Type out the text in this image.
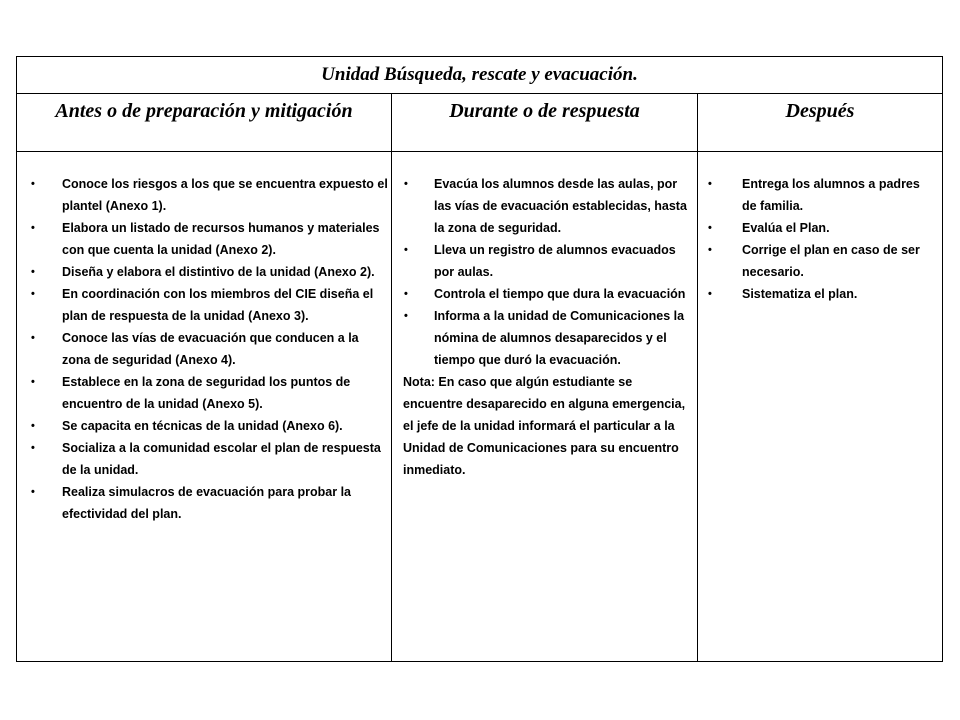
Unidad Búsqueda, rescate y evacuación.
Antes o de preparación y mitigación	Durante o de respuesta	Después
• Conoce los riesgos a los que se encuentra expuesto el plantel (Anexo 1).
• Elabora un listado de recursos humanos y materiales con que cuenta la unidad (Anexo 2).
• Diseña y elabora el distintivo de la unidad (Anexo 2).
• En coordinación con los miembros del CIE diseña el plan de respuesta de la unidad (Anexo 3).
• Conoce las vías de evacuación que conducen a la zona de seguridad (Anexo 4).
• Establece en la zona de seguridad los puntos de encuentro de la unidad (Anexo 5).
• Se capacita en técnicas de la unidad (Anexo 6).
• Socializa a la comunidad escolar el plan de respuesta de la unidad.
• Realiza simulacros de evacuación para probar la efectividad del plan.
• Evacúa los alumnos desde las aulas, por las vías de evacuación establecidas, hasta la zona de seguridad.
• Lleva un registro de alumnos evacuados por aulas.
• Controla el tiempo que dura la evacuación
• Informa a la unidad de Comunicaciones la nómina de alumnos desaparecidos y el tiempo que duró la evacuación.
Nota: En caso que algún estudiante se encuentre desaparecido en alguna emergencia, el jefe de la unidad informará el particular a la Unidad de Comunicaciones para su encuentro inmediato.
• Entrega los alumnos a padres de familia.
• Evalúa el Plan.
• Corrige el plan en caso de ser necesario.
• Sistematiza el plan.
